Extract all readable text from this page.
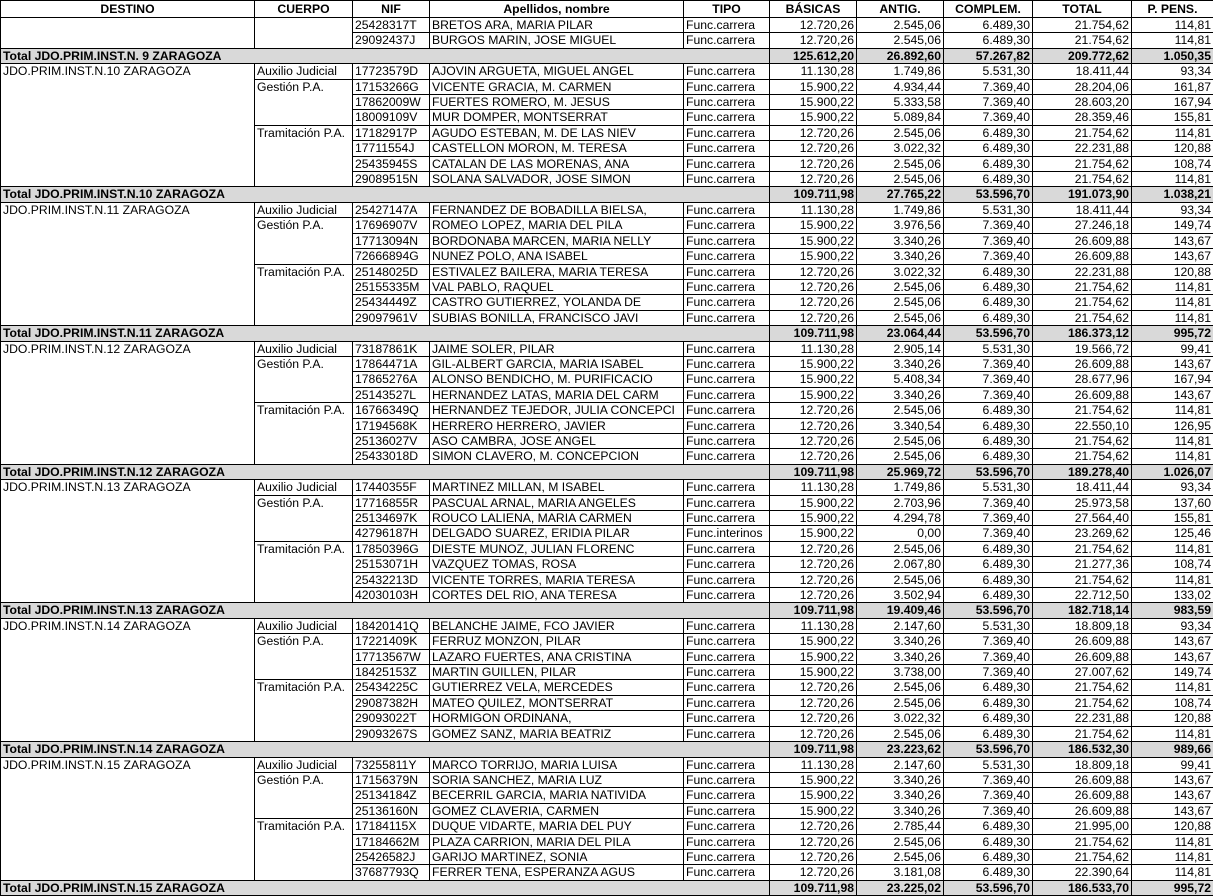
DESTINO	CUERPO	NIF	Apellidos, nombre	TIPO	BÁSICAS	ANTIG.	COMPLEM.	TOTAL	P. PENS.
		25428317T	BRETOS ARA, MARIA PILAR	Func.carrera	12.720,26	2.545,06	6.489,30	21.754,62	114,81
		29092437J	BURGOS MARIN, JOSE MIGUEL	Func.carrera	12.720,26	2.545,06	6.489,30	21.754,62	114,81
Total JDO.PRIM.INST.N. 9 ZARAGOZA					125.612,20	26.892,60	57.267,82	209.772,62	1.050,35
JDO.PRIM.INST.N.10 ZARAGOZA	Auxilio Judicial	17723579D	AJOVIN ARGUETA, MIGUEL ANGEL	Func.carrera	11.130,28	1.749,86	5.531,30	18.411,44	93,34
	Gestión P.A.	17153266G	VICENTE GRACIA, M. CARMEN	Func.carrera	15.900,22	4.934,44	7.369,40	28.204,06	161,87
		17862009W	FUERTES ROMERO, M. JESUS	Func.carrera	15.900,22	5.333,58	7.369,40	28.603,20	167,94
		18009109V	MUR DOMPER, MONTSERRAT	Func.carrera	15.900,22	5.089,84	7.369,40	28.359,46	155,81
	Tramitación P.A.	17182917P	AGUDO ESTEBAN, M. DE LAS NIEV	Func.carrera	12.720,26	2.545,06	6.489,30	21.754,62	114,81
		17711554J	CASTELLON MORON, M. TERESA	Func.carrera	12.720,26	3.022,32	6.489,30	22.231,88	120,88
		25435945S	CATALAN DE LAS MORENAS, ANA	Func.carrera	12.720,26	2.545,06	6.489,30	21.754,62	108,74
		29089515N	SOLANA SALVADOR, JOSE SIMON	Func.carrera	12.720,26	2.545,06	6.489,30	21.754,62	114,81
Total JDO.PRIM.INST.N.10 ZARAGOZA					109.711,98	27.765,22	53.596,70	191.073,90	1.038,21
JDO.PRIM.INST.N.11 ZARAGOZA	Auxilio Judicial	25427147A	FERNANDEZ DE BOBADILLA BIELSA,	Func.carrera	11.130,28	1.749,86	5.531,30	18.411,44	93,34
	Gestión P.A.	17696907V	ROMEO LOPEZ, MARIA DEL PILA	Func.carrera	15.900,22	3.976,56	7.369,40	27.246,18	149,74
		17713094N	BORDONABA MARCEN, MARIA NELLY	Func.carrera	15.900,22	3.340,26	7.369,40	26.609,88	143,67
		72666894G	NUNEZ POLO, ANA ISABEL	Func.carrera	15.900,22	3.340,26	7.369,40	26.609,88	143,67
	Tramitación P.A.	25148025D	ESTIVALEZ BAILERA, MARIA TERESA	Func.carrera	12.720,26	3.022,32	6.489,30	22.231,88	120,88
		25155335M	VAL PABLO, RAQUEL	Func.carrera	12.720,26	2.545,06	6.489,30	21.754,62	114,81
		25434449Z	CASTRO GUTIERREZ, YOLANDA DE	Func.carrera	12.720,26	2.545,06	6.489,30	21.754,62	114,81
		29097961V	SUBIAS BONILLA, FRANCISCO JAVI	Func.carrera	12.720,26	2.545,06	6.489,30	21.754,62	114,81
Total JDO.PRIM.INST.N.11 ZARAGOZA					109.711,98	23.064,44	53.596,70	186.373,12	995,72
JDO.PRIM.INST.N.12 ZARAGOZA	Auxilio Judicial	73187861K	JAIME SOLER, PILAR	Func.carrera	11.130,28	2.905,14	5.531,30	19.566,72	99,41
	Gestión P.A.	17864471A	GIL-ALBERT GARCIA, MARIA ISABEL	Func.carrera	15.900,22	3.340,26	7.369,40	26.609,88	143,67
		17865276A	ALONSO BENDICHO, M. PURIFICACIO	Func.carrera	15.900,22	5.408,34	7.369,40	28.677,96	167,94
		25143527L	HERNANDEZ LATAS, MARIA DEL CARM	Func.carrera	15.900,22	3.340,26	7.369,40	26.609,88	143,67
	Tramitación P.A.	16766349Q	HERNANDEZ TEJEDOR, JULIA CONCEPCI	Func.carrera	12.720,26	2.545,06	6.489,30	21.754,62	114,81
		17194568K	HERRERO HERRERO, JAVIER	Func.carrera	12.720,26	3.340,54	6.489,30	22.550,10	126,95
		25136027V	ASO CAMBRA, JOSE ANGEL	Func.carrera	12.720,26	2.545,06	6.489,30	21.754,62	114,81
		25433018D	SIMON CLAVERO, M. CONCEPCION	Func.carrera	12.720,26	2.545,06	6.489,30	21.754,62	114,81
Total JDO.PRIM.INST.N.12 ZARAGOZA					109.711,98	25.969,72	53.596,70	189.278,40	1.026,07
JDO.PRIM.INST.N.13 ZARAGOZA	Auxilio Judicial	17440355F	MARTINEZ MILLAN, M ISABEL	Func.carrera	11.130,28	1.749,86	5.531,30	18.411,44	93,34
	Gestión P.A.	17716855R	PASCUAL ARNAL, MARIA ANGELES	Func.carrera	15.900,22	2.703,96	7.369,40	25.973,58	137,60
		25134697K	ROUCO LALIENA, MARIA CARMEN	Func.carrera	15.900,22	4.294,78	7.369,40	27.564,40	155,81
		42796187H	DELGADO SUAREZ, ERIDIA PILAR	Func.interinos	15.900,22	0,00	7.369,40	23.269,62	125,46
	Tramitación P.A.	17850396G	DIESTE MUNOZ, JULIAN FLORENC	Func.carrera	12.720,26	2.545,06	6.489,30	21.754,62	114,81
		25153071H	VAZQUEZ TOMAS, ROSA	Func.carrera	12.720,26	2.067,80	6.489,30	21.277,36	108,74
		25432213D	VICENTE TORRES, MARIA TERESA	Func.carrera	12.720,26	2.545,06	6.489,30	21.754,62	114,81
		42030103H	CORTES DEL RIO, ANA TERESA	Func.carrera	12.720,26	3.502,94	6.489,30	22.712,50	133,02
Total JDO.PRIM.INST.N.13 ZARAGOZA					109.711,98	19.409,46	53.596,70	182.718,14	983,59
JDO.PRIM.INST.N.14 ZARAGOZA	Auxilio Judicial	18420141Q	BELANCHE JAIME, FCO JAVIER	Func.carrera	11.130,28	2.147,60	5.531,30	18.809,18	93,34
	Gestión P.A.	17221409K	FERRUZ MONZON, PILAR	Func.carrera	15.900,22	3.340,26	7.369,40	26.609,88	143,67
		17713567W	LAZARO FUERTES, ANA CRISTINA	Func.carrera	15.900,22	3.340,26	7.369,40	26.609,88	143,67
		18425153Z	MARTIN GUILLEN, PILAR	Func.carrera	15.900,22	3.738,00	7.369,40	27.007,62	149,74
	Tramitación P.A.	25434225C	GUTIERREZ VELA, MERCEDES	Func.carrera	12.720,26	2.545,06	6.489,30	21.754,62	114,81
		29087382H	MATEO QUILEZ, MONTSERRAT	Func.carrera	12.720,26	2.545,06	6.489,30	21.754,62	108,74
		29093022T	HORMIGON ORDINANA,	Func.carrera	12.720,26	3.022,32	6.489,30	22.231,88	120,88
		29093267S	GOMEZ SANZ, MARIA BEATRIZ	Func.carrera	12.720,26	2.545,06	6.489,30	21.754,62	114,81
Total JDO.PRIM.INST.N.14 ZARAGOZA					109.711,98	23.223,62	53.596,70	186.532,30	989,66
JDO.PRIM.INST.N.15 ZARAGOZA	Auxilio Judicial	73255811Y	MARCO TORRIJO, MARIA LUISA	Func.carrera	11.130,28	2.147,60	5.531,30	18.809,18	99,41
	Gestión P.A.	17156379N	SORIA SANCHEZ, MARIA LUZ	Func.carrera	15.900,22	3.340,26	7.369,40	26.609,88	143,67
		25134184Z	BECERRIL GARCIA, MARIA NATIVIDA	Func.carrera	15.900,22	3.340,26	7.369,40	26.609,88	143,67
		25136160N	GOMEZ CLAVERIA, CARMEN	Func.carrera	15.900,22	3.340,26	7.369,40	26.609,88	143,67
	Tramitación P.A.	17184115X	DUQUE VIDARTE, MARIA DEL PUY	Func.carrera	12.720,26	2.785,44	6.489,30	21.995,00	120,88
		17184662M	PLAZA CARRION, MARIA DEL PILA	Func.carrera	12.720,26	2.545,06	6.489,30	21.754,62	114,81
		25426582J	GARIJO MARTINEZ, SONIA	Func.carrera	12.720,26	2.545,06	6.489,30	21.754,62	114,81
		37687793Q	FERRER TENA, ESPERANZA AGUS	Func.carrera	12.720,26	3.181,08	6.489,30	22.390,64	114,81
Total JDO.PRIM.INST.N.15 ZARAGOZA					109.711,98	23.225,02	53.596,70	186.533,70	995,72
